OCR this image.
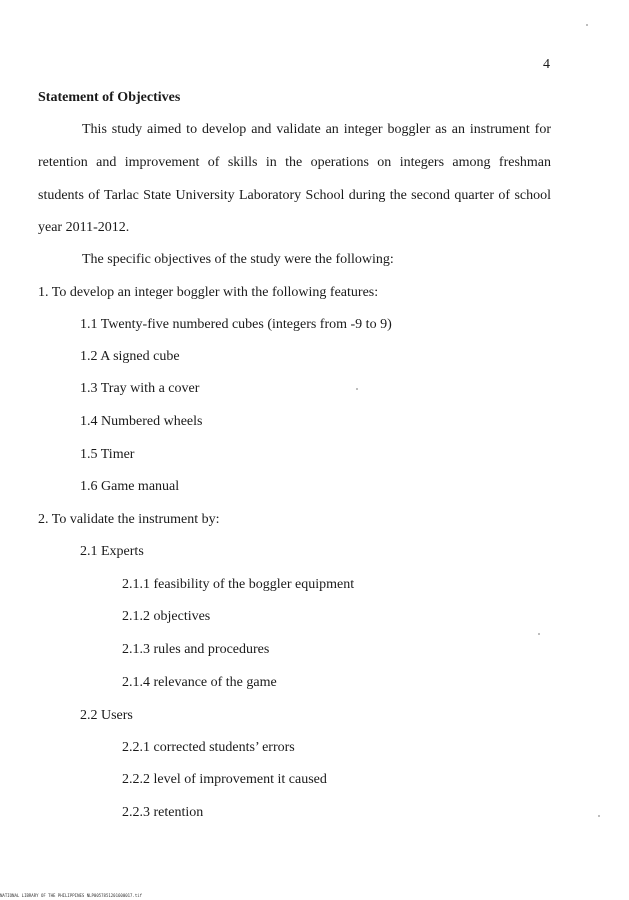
4
Statement of Objectives
This study aimed to develop and validate an integer boggler as an instrument for
retention and improvement of skills in the operations on integers among freshman
students of Tarlac State University Laboratory School during the second quarter of school
year 2011-2012.
The specific objectives of the study were the following:
1. To develop an integer boggler with the following features:
1.1 Twenty-five numbered cubes (integers from -9 to 9)
1.2 A signed cube
1.3 Tray with a cover
1.4 Numbered wheels
1.5 Timer
1.6 Game manual
2. To validate the instrument by:
2.1 Experts
2.1.1 feasibility of the boggler equipment
2.1.2 objectives
2.1.3 rules and procedures
2.1.4 relevance of the game
2.2 Users
2.2.1 corrected students’ errors
2.2.2 level of improvement it caused
2.2.3 retention
NATIONAL LIBRARY OF THE PHILIPPINES NLP0057851201600017.tif
